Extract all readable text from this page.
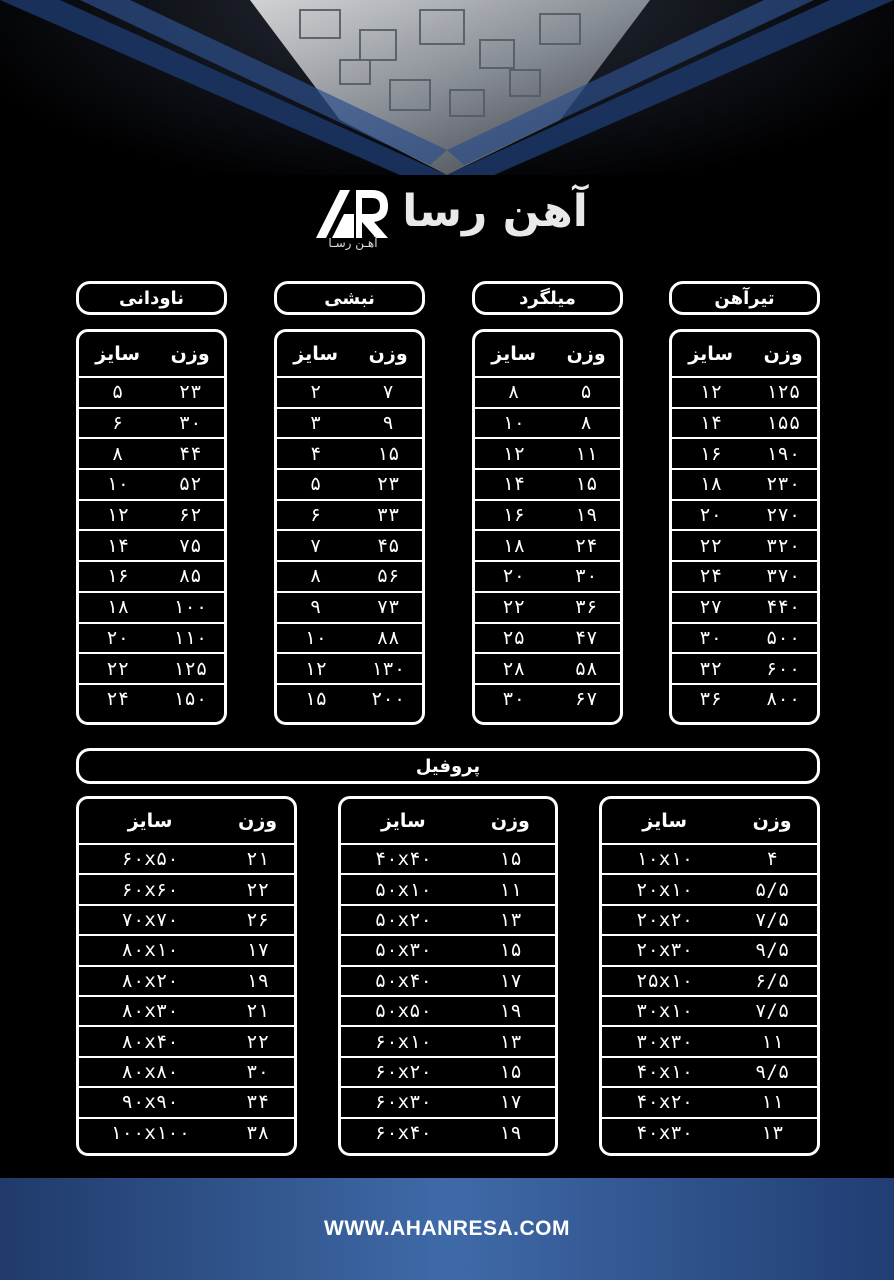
آهـن رسـا
آهن رسا
تیرآهن
میلگرد
نبشی
ناودانی
وزن	سایز
۱۲۵	۱۲
۱۵۵	۱۴
۱۹۰	۱۶
۲۳۰	۱۸
۲۷۰	۲۰
۳۲۰	۲۲
۳۷۰	۲۴
۴۴۰	۲۷
۵۰۰	۳۰
۶۰۰	۳۲
۸۰۰	۳۶
وزن	سایز
۵	۸
۸	۱۰
۱۱	۱۲
۱۵	۱۴
۱۹	۱۶
۲۴	۱۸
۳۰	۲۰
۳۶	۲۲
۴۷	۲۵
۵۸	۲۸
۶۷	۳۰
وزن	سایز
۷	۲
۹	۳
۱۵	۴
۲۳	۵
۳۳	۶
۴۵	۷
۵۶	۸
۷۳	۹
۸۸	۱۰
۱۳۰	۱۲
۲۰۰	۱۵
وزن	سایز
۲۳	۵
۳۰	۶
۴۴	۸
۵۲	۱۰
۶۲	۱۲
۷۵	۱۴
۸۵	۱۶
۱۰۰	۱۸
۱۱۰	۲۰
۱۲۵	۲۲
۱۵۰	۲۴
پروفیل
وزن	سایز
۴	۱۰x۱۰
۵/۵	۲۰x۱۰
۷/۵	۲۰x۲۰
۹/۵	۲۰x۳۰
۶/۵	۲۵x۱۰
۷/۵	۳۰x۱۰
۱۱	۳۰x۳۰
۹/۵	۴۰x۱۰
۱۱	۴۰x۲۰
۱۳	۴۰x۳۰
وزن	سایز
۱۵	۴۰x۴۰
۱۱	۵۰x۱۰
۱۳	۵۰x۲۰
۱۵	۵۰x۳۰
۱۷	۵۰x۴۰
۱۹	۵۰x۵۰
۱۳	۶۰x۱۰
۱۵	۶۰x۲۰
۱۷	۶۰x۳۰
۱۹	۶۰x۴۰
وزن	سایز
۲۱	۶۰x۵۰
۲۲	۶۰x۶۰
۲۶	۷۰x۷۰
۱۷	۸۰x۱۰
۱۹	۸۰x۲۰
۲۱	۸۰x۳۰
۲۲	۸۰x۴۰
۳۰	۸۰x۸۰
۳۴	۹۰x۹۰
۳۸	۱۰۰x۱۰۰
WWW.AHANRESA.COM
